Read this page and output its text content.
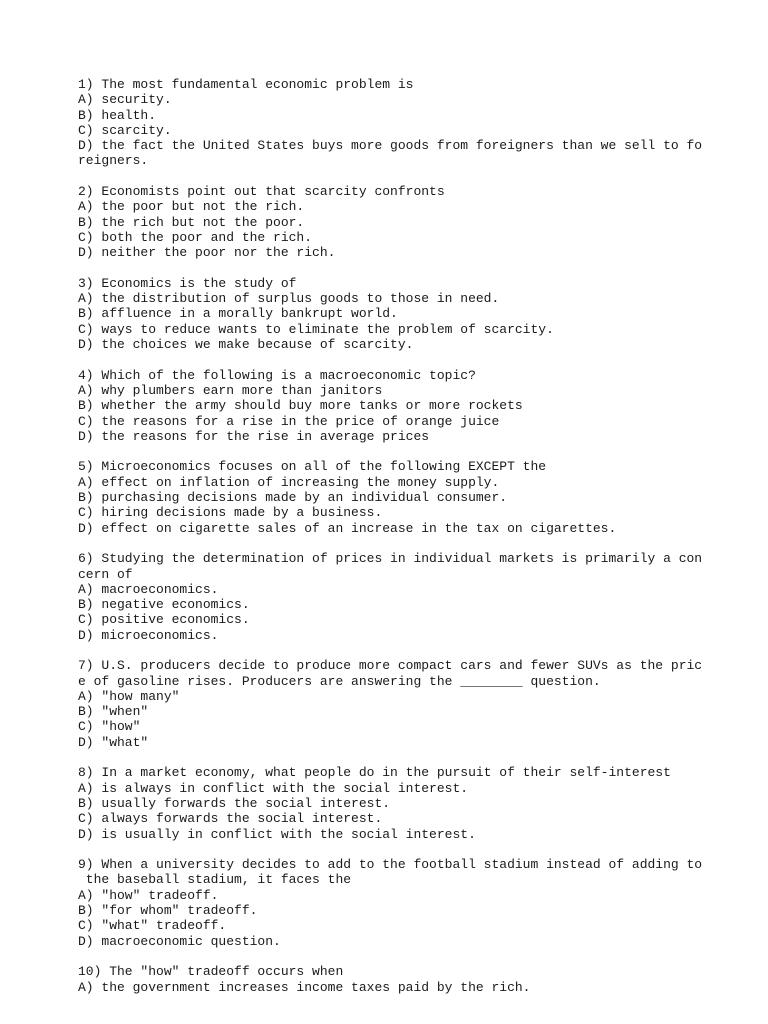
1) The most fundamental economic problem is
A) security.
B) health.
C) scarcity.
D) the fact the United States buys more goods from foreigners than we sell to fo
reigners.
2) Economists point out that scarcity confronts
A) the poor but not the rich.
B) the rich but not the poor.
C) both the poor and the rich.
D) neither the poor nor the rich.
3) Economics is the study of
A) the distribution of surplus goods to those in need.
B) affluence in a morally bankrupt world.
C) ways to reduce wants to eliminate the problem of scarcity.
D) the choices we make because of scarcity.
4) Which of the following is a macroeconomic topic?
A) why plumbers earn more than janitors
B) whether the army should buy more tanks or more rockets
C) the reasons for a rise in the price of orange juice
D) the reasons for the rise in average prices
5) Microeconomics focuses on all of the following EXCEPT the
A) effect on inflation of increasing the money supply.
B) purchasing decisions made by an individual consumer.
C) hiring decisions made by a business.
D) effect on cigarette sales of an increase in the tax on cigarettes.
6) Studying the determination of prices in individual markets is primarily a con
cern of
A) macroeconomics.
B) negative economics.
C) positive economics.
D) microeconomics.
7) U.S. producers decide to produce more compact cars and fewer SUVs as the pric
e of gasoline rises. Producers are answering the ________ question.
A) "how many"
B) "when"
C) "how"
D) "what"
8) In a market economy, what people do in the pursuit of their self-interest
A) is always in conflict with the social interest.
B) usually forwards the social interest.
C) always forwards the social interest.
D) is usually in conflict with the social interest.
9) When a university decides to add to the football stadium instead of adding to
the baseball stadium, it faces the
A) "how" tradeoff.
B) "for whom" tradeoff.
C) "what" tradeoff.
D) macroeconomic question.
10) The "how" tradeoff occurs when
A) the government increases income taxes paid by the rich.
